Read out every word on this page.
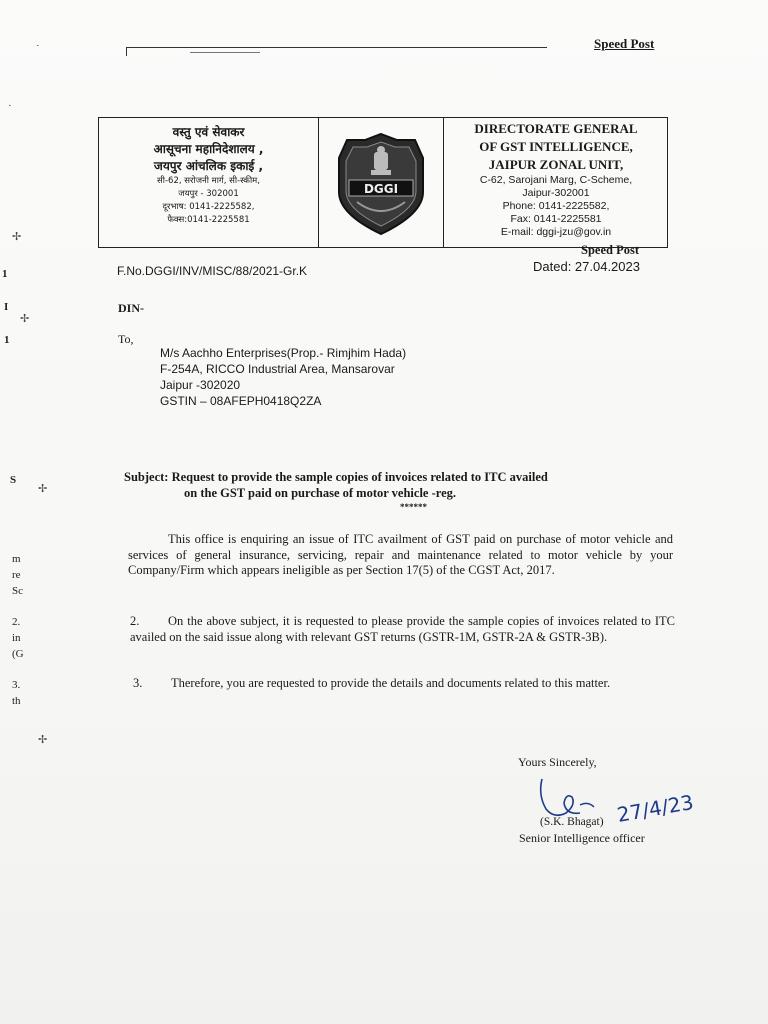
Speed Post
1
I
1
S
m
re
Sc
2.
in
(G
3.
th
·
·
✢
✢
✢
✢
वस्तु एवं सेवाकर
आसूचना महानिदेशालय ,
जयपुर आंचलिक इकाई ,
सी-62, सरोजनी मार्ग, सी-स्कीम,
जयपुर - 302001
दूरभाष: 0141-2225582,
फैक्स:0141-2225581
DGGI
DIRECTORATE GENERAL
OF GST INTELLIGENCE,
JAIPUR ZONAL UNIT,
C-62, Sarojani Marg, C-Scheme,
Jaipur-302001
Phone: 0141-2225582,
Fax: 0141-2225581
E-mail: dggi-jzu@gov.in
Speed Post
Dated: 27.04.2023
F.No.DGGI/INV/MISC/88/2021-Gr.K
DIN-
To,
M/s Aachho Enterprises(Prop.- Rimjhim Hada)
F-254A, RICCO Industrial Area, Mansarovar
Jaipur -302020
GSTIN – 08AFEPH0418Q2ZA
Subject: Request to provide the sample copies of invoices related to ITC availed
on the GST paid on purchase of motor vehicle -reg.
******
This office is enquiring an issue of ITC availment of GST paid on purchase of motor vehicle and services of general insurance, servicing, repair and maintenance related to motor vehicle by your Company/Firm which appears ineligible as per Section 17(5) of the CGST Act, 2017.
2. On the above subject, it is requested to please provide the sample copies of invoices related to ITC availed on the said issue along with relevant GST returns (GSTR-1M, GSTR-2A & GSTR-3B).
3. Therefore, you are requested to provide the details and documents related to this matter.
Yours Sincerely,
27/4/23
(S.K. Bhagat)
Senior Intelligence officer
